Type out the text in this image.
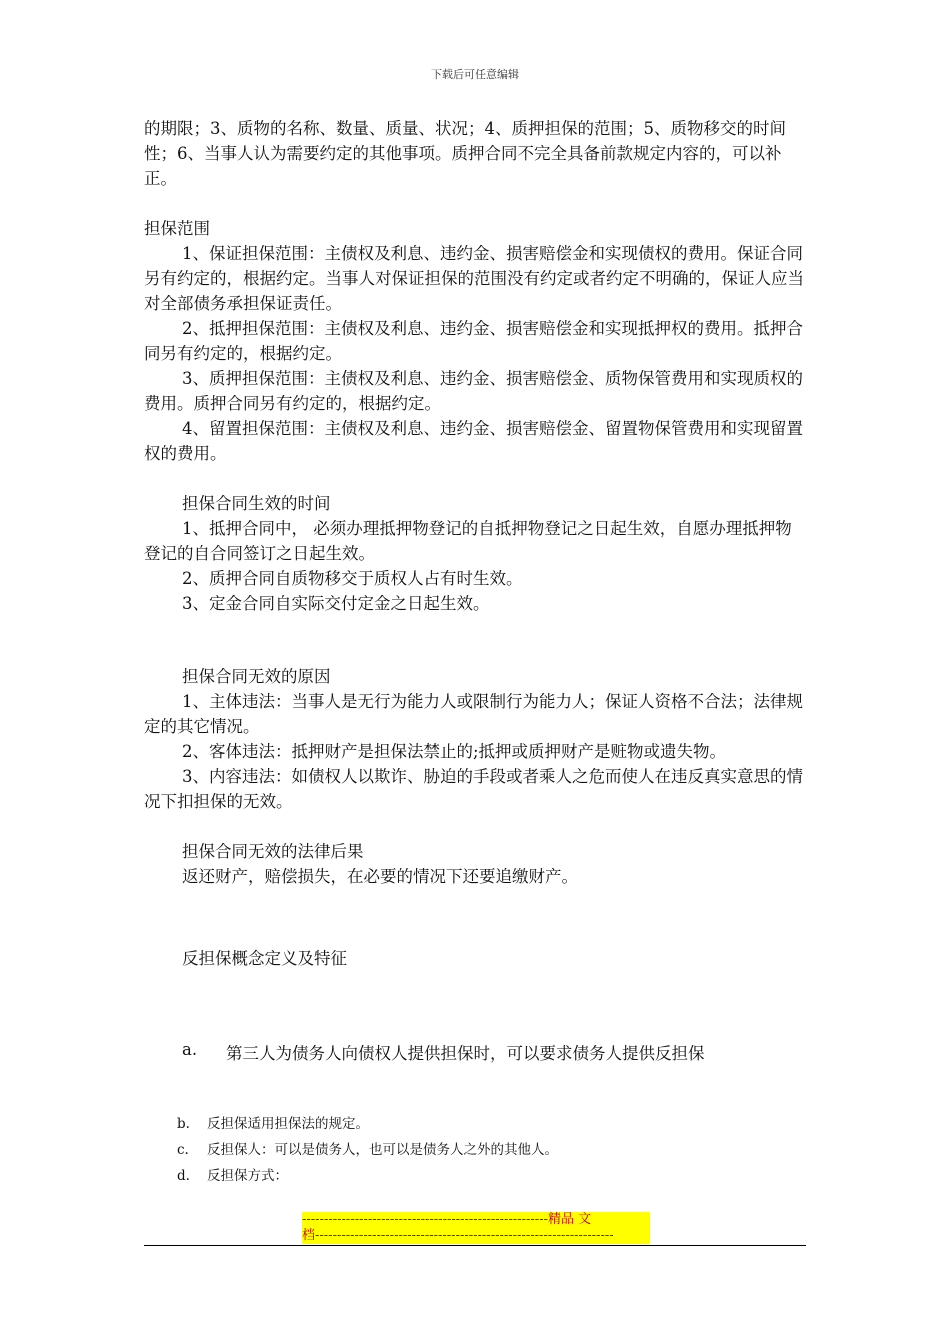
下载后可任意编辑

的期限；3、质物的名称、数量、质量、状况；4、质押担保的范围；5、质物移交的时间性；6、当事人认为需要约定的其他事项。质押合同不完全具备前款规定内容的，可以补正。

担保范围

1、保证担保范围：主债权及利息、违约金、损害赔偿金和实现债权的费用。保证合同另有约定的，根据约定。当事人对保证担保的范围没有约定或者约定不明确的，保证人应当对全部债务承担保证责任。

2、抵押担保范围：主债权及利息、违约金、损害赔偿金和实现抵押权的费用。抵押合同另有约定的，根据约定。

3、质押担保范围：主债权及利息、违约金、损害赔偿金、质物保管费用和实现质权的费用。质押合同另有约定的，根据约定。

4、留置担保范围：主债权及利息、违约金、损害赔偿金、留置物保管费用和实现留置权的费用。

担保合同生效的时间

1、抵押合同中， 必须办理抵押物登记的自抵押物登记之日起生效，自愿办理抵押物登记的自合同签订之日起生效。

2、质押合同自质物移交于质权人占有时生效。

3、定金合同自实际交付定金之日起生效。

担保合同无效的原因

1、主体违法：当事人是无行为能力人或限制行为能力人；保证人资格不合法；法律规定的其它情况。

2、客体违法：抵押财产是担保法禁止的;抵押或质押财产是赃物或遗失物。

3、内容违法：如债权人以欺诈、胁迫的手段或者乘人之危而使人在违反真实意思的情况下扣担保的无效。

担保合同无效的法律后果

返还财产，赔偿损失，在必要的情况下还要追缴财产。

反担保概念定义及特征

a.	第三人为债务人向债权人提供担保时，可以要求债务人提供反担保
b.	反担保适用担保法的规定。
c.	反担保人：可以是债务人，也可以是债务人之外的其他人。
d.	反担保方式：
--------------------------------------------------------精品 文
档--------------------------------------------------------------------
